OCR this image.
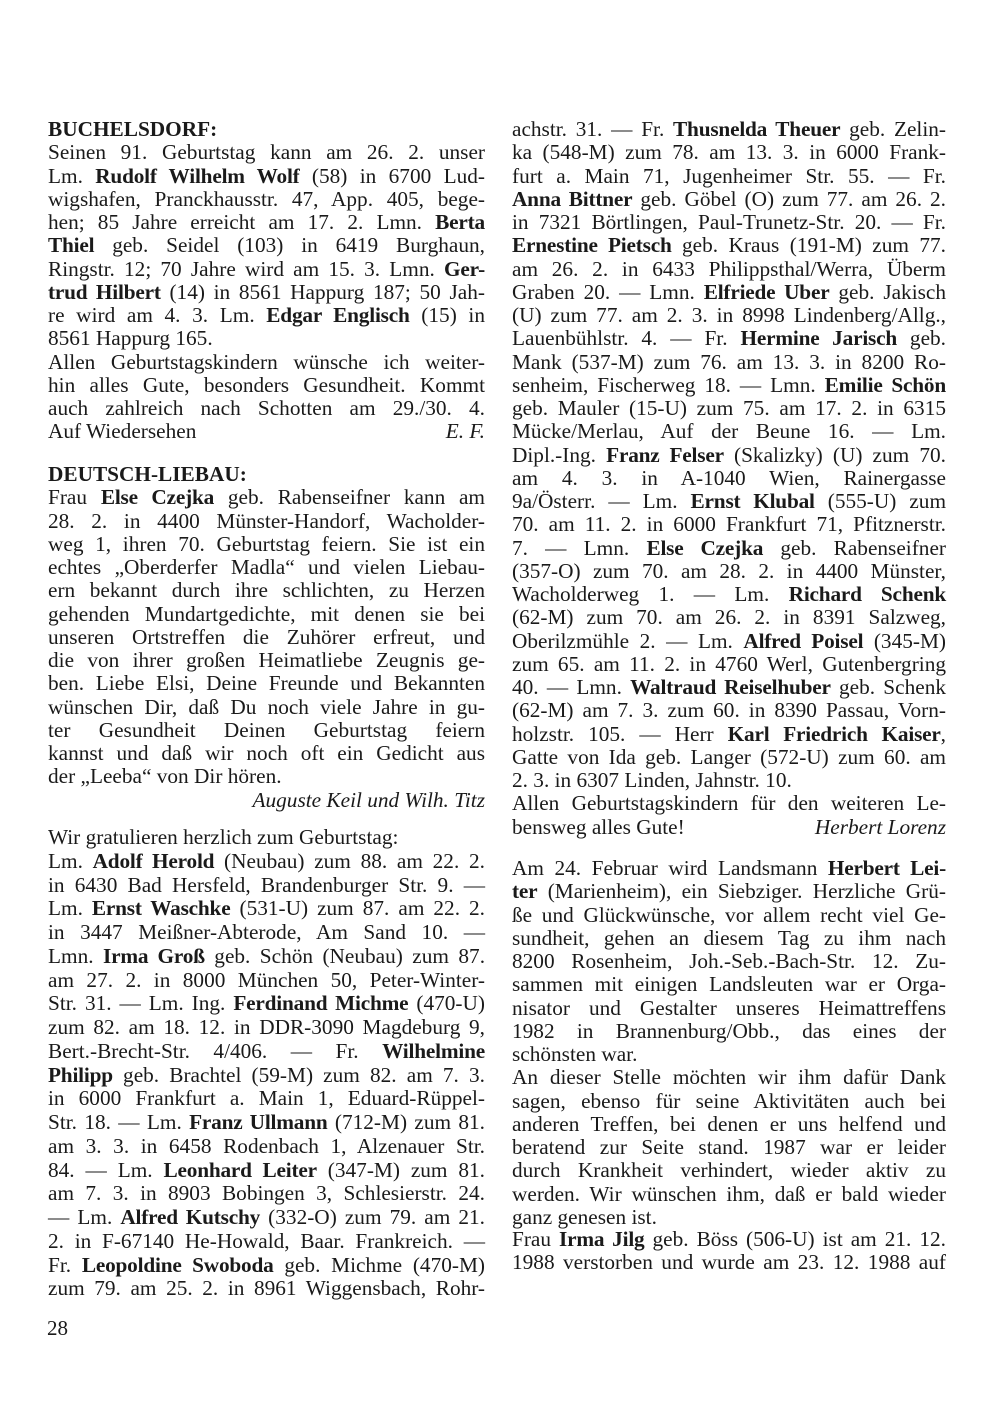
BUCHELSDORF:
Seinen 91. Geburtstag kann am 26. 2. unser
Lm. Rudolf Wilhelm Wolf (58) in 6700 Lud-
wigshafen, Pranckhausstr. 47, App. 405, bege-
hen; 85 Jahre erreicht am 17. 2. Lmn. Berta
Thiel geb. Seidel (103) in 6419 Burghaun,
Ringstr. 12; 70 Jahre wird am 15. 3. Lmn. Ger-
trud Hilbert (14) in 8561 Happurg 187; 50 Jah-
re wird am 4. 3. Lm. Edgar Englisch (15) in
8561 Happurg 165.
Allen Geburtstagskindern wünsche ich weiter-
hin alles Gute, besonders Gesundheit. Kommt
auch zahlreich nach Schotten am 29./30. 4.
Auf Wiedersehen	E. F.
DEUTSCH-LIEBAU:
Frau Else Czejka geb. Rabenseifner kann am
28. 2. in 4400 Münster-Handorf, Wacholder-
weg 1, ihren 70. Geburtstag feiern. Sie ist ein
echtes „Oberderfer Madla“ und vielen Liebau-
ern bekannt durch ihre schlichten, zu Herzen
gehenden Mundartgedichte, mit denen sie bei
unseren Ortstreffen die Zuhörer erfreut, und
die von ihrer großen Heimatliebe Zeugnis ge-
ben. Liebe Elsi, Deine Freunde und Bekannten
wünschen Dir, daß Du noch viele Jahre in gu-
ter Gesundheit Deinen Geburtstag feiern
kannst und daß wir noch oft ein Gedicht aus
der „Leeba“ von Dir hören.
Auguste Keil und Wilh. Titz
Wir gratulieren herzlich zum Geburtstag:
Lm. Adolf Herold (Neubau) zum 88. am 22. 2.
in 6430 Bad Hersfeld, Brandenburger Str. 9. —
Lm. Ernst Waschke (531-U) zum 87. am 22. 2.
in 3447 Meißner-Abterode, Am Sand 10. —
Lmn. Irma Groß geb. Schön (Neubau) zum 87.
am 27. 2. in 8000 München 50, Peter-Winter-
Str. 31. — Lm. Ing. Ferdinand Michme (470-U)
zum 82. am 18. 12. in DDR-3090 Magdeburg 9,
Bert.-Brecht-Str. 4/406. — Fr. Wilhelmine
Philipp geb. Brachtel (59-M) zum 82. am 7. 3.
in 6000 Frankfurt a. Main 1, Eduard-Rüppel-
Str. 18. — Lm. Franz Ullmann (712-M) zum 81.
am 3. 3. in 6458 Rodenbach 1, Alzenauer Str.
84. — Lm. Leonhard Leiter (347-M) zum 81.
am 7. 3. in 8903 Bobingen 3, Schlesierstr. 24.
— Lm. Alfred Kutschy (332-O) zum 79. am 21.
2. in F-67140 He-Howald, Baar. Frankreich. —
Fr. Leopoldine Swoboda geb. Michme (470-M)
zum 79. am 25. 2. in 8961 Wiggensbach, Rohr-
achstr. 31. — Fr. Thusnelda Theuer geb. Zelin-
ka (548-M) zum 78. am 13. 3. in 6000 Frank-
furt a. Main 71, Jugenheimer Str. 55. — Fr.
Anna Bittner geb. Göbel (O) zum 77. am 26. 2.
in 7321 Börtlingen, Paul-Trunetz-Str. 20. — Fr.
Ernestine Pietsch geb. Kraus (191-M) zum 77.
am 26. 2. in 6433 Philippsthal/Werra, Überm
Graben 20. — Lmn. Elfriede Uber geb. Jakisch
(U) zum 77. am 2. 3. in 8998 Lindenberg/Allg.,
Lauenbühlstr. 4. — Fr. Hermine Jarisch geb.
Mank (537-M) zum 76. am 13. 3. in 8200 Ro-
senheim, Fischerweg 18. — Lmn. Emilie Schön
geb. Mauler (15-U) zum 75. am 17. 2. in 6315
Mücke/Merlau, Auf der Beune 16. — Lm.
Dipl.-Ing. Franz Felser (Skalizky) (U) zum 70.
am 4. 3. in A-1040 Wien, Rainergasse
9a/Österr. — Lm. Ernst Klubal (555-U) zum
70. am 11. 2. in 6000 Frankfurt 71, Pfitznerstr.
7. — Lmn. Else Czejka geb. Rabenseifner
(357-O) zum 70. am 28. 2. in 4400 Münster,
Wacholderweg 1. — Lm. Richard Schenk
(62-M) zum 70. am 26. 2. in 8391 Salzweg,
Oberilzmühle 2. — Lm. Alfred Poisel (345-M)
zum 65. am 11. 2. in 4760 Werl, Gutenbergring
40. — Lmn. Waltraud Reiselhuber geb. Schenk
(62-M) am 7. 3. zum 60. in 8390 Passau, Vorn-
holzstr. 105. — Herr Karl Friedrich Kaiser,
Gatte von Ida geb. Langer (572-U) zum 60. am
2. 3. in 6307 Linden, Jahnstr. 10.
Allen Geburtstagskindern für den weiteren Le-
bensweg alles Gute!	Herbert Lorenz
Am 24. Februar wird Landsmann Herbert Lei-
ter (Marienheim), ein Siebziger. Herzliche Grü-
ße und Glückwünsche, vor allem recht viel Ge-
sundheit, gehen an diesem Tag zu ihm nach
8200 Rosenheim, Joh.-Seb.-Bach-Str. 12. Zu-
sammen mit einigen Landsleuten war er Orga-
nisator und Gestalter unseres Heimattreffens
1982 in Brannenburg/Obb., das eines der
schönsten war.
An dieser Stelle möchten wir ihm dafür Dank
sagen, ebenso für seine Aktivitäten auch bei
anderen Treffen, bei denen er uns helfend und
beratend zur Seite stand. 1987 war er leider
durch Krankheit verhindert, wieder aktiv zu
werden. Wir wünschen ihm, daß er bald wieder
ganz genesen ist.
Frau Irma Jilg geb. Böss (506-U) ist am 21. 12.
1988 verstorben und wurde am 23. 12. 1988 auf
28
